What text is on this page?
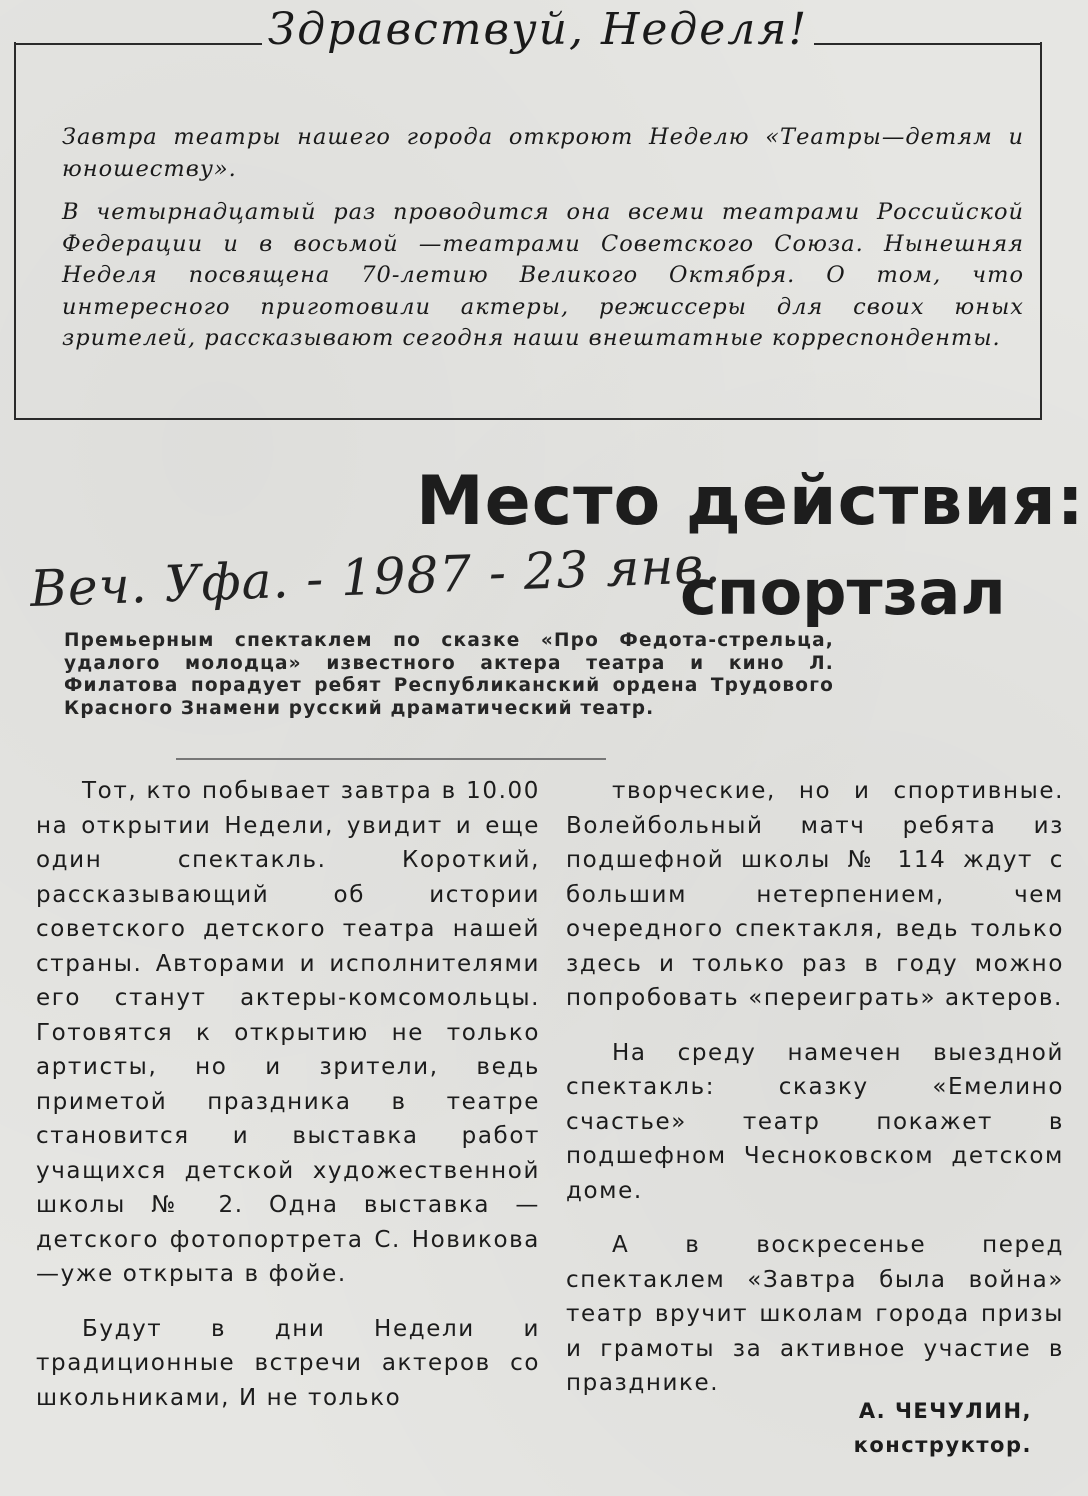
Здравствуй, Неделя!

Завтра театры нашего города откроют Неделю «Театры—детям и юношеству».

В четырнадцатый раз проводится она всеми театрами Российской Федерации и в восьмой —театрами Советского Союза. Нынешняя Неделя посвящена 70-летию Великого Октября. О том, что интересного приготовили актеры, режиссеры для своих юных зрителей, рассказывают сегодня наши внештатные корреспонденты.

Место действия:
Веч. Уфа. - 1987 - 23 янв.
спортзал
Премьерным спектаклем по сказке «Про Федота-стрельца, удалого молодца» известного актера театра и кино Л. Филатова порадует ребят Республиканский ордена Трудового Красного Знамени русский драматический театр.

Тот, кто побывает завтра в 10.00 на открытии Недели, увидит и еще один спектакль. Короткий, рассказывающий об истории советского детского театра нашей страны. Авторами и исполнителями его станут актеры-комсомольцы. Готовятся к открытию не только артисты, но и зрители, ведь приметой праздника в театре становится и выставка работ учащихся детской художественной школы № 2. Одна выставка — детского фотопортрета С. Новикова—уже открыта в фойе.

Будут в дни Недели и традиционные встречи актеров со школьниками, И не только

творческие, но и спортивные. Волейбольный матч ребята из подшефной школы № 114 ждут с большим нетерпением, чем очередного спектакля, ведь только здесь и только раз в году можно попробовать «переиграть» актеров.

На среду намечен выездной спектакль: сказку «Емелино счастье» театр покажет в подшефном Чесноковском детском доме.

А в воскресенье перед спектаклем «Завтра была война» театр вручит школам города призы и грамоты за активное участие в празднике.

А. ЧЕЧУЛИН,
конструктор.
